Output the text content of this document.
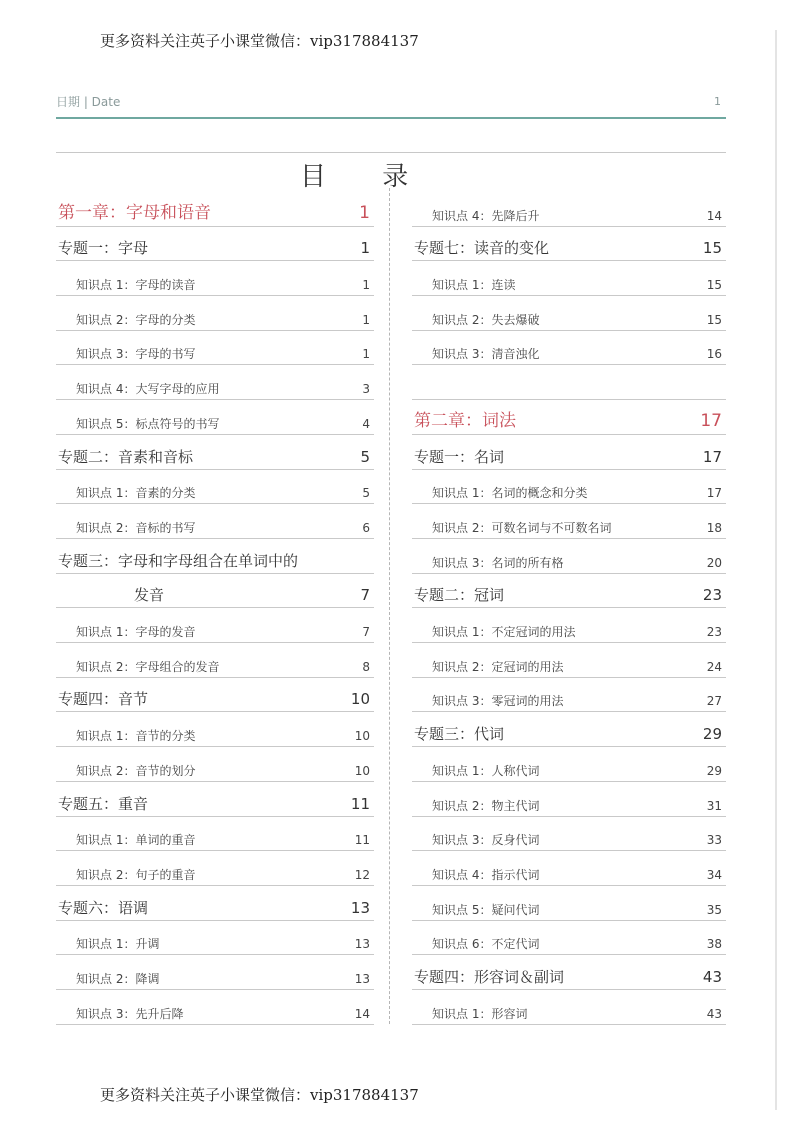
更多资料关注英子小课堂微信：vip317884137
日期 | Date	1
目 录
第一章：字母和语音	1
专题一：字母	1
知识点 1：字母的读音	1
知识点 2：字母的分类	1
知识点 3：字母的书写	1
知识点 4：大写字母的应用	3
知识点 5：标点符号的书写	4
专题二：音素和音标	5
知识点 1：音素的分类	5
知识点 2：音标的书写	6
专题三：字母和字母组合在单词中的
发音	7
知识点 1：字母的发音	7
知识点 2：字母组合的发音	8
专题四：音节	10
知识点 1：音节的分类	10
知识点 2：音节的划分	10
专题五：重音	11
知识点 1：单词的重音	11
知识点 2：句子的重音	12
专题六：语调	13
知识点 1：升调	13
知识点 2：降调	13
知识点 3：先升后降	14
知识点 4：先降后升	14
专题七：读音的变化	15
知识点 1：连读	15
知识点 2：失去爆破	15
知识点 3：清音浊化	16
第二章：词法	17
专题一：名词	17
知识点 1：名词的概念和分类	17
知识点 2：可数名词与不可数名词	18
知识点 3：名词的所有格	20
专题二：冠词	23
知识点 1：不定冠词的用法	23
知识点 2：定冠词的用法	24
知识点 3：零冠词的用法	27
专题三：代词	29
知识点 1：人称代词	29
知识点 2：物主代词	31
知识点 3：反身代词	33
知识点 4：指示代词	34
知识点 5：疑问代词	35
知识点 6：不定代词	38
专题四：形容词＆副词	43
知识点 1：形容词	43
更多资料关注英子小课堂微信：vip317884137
